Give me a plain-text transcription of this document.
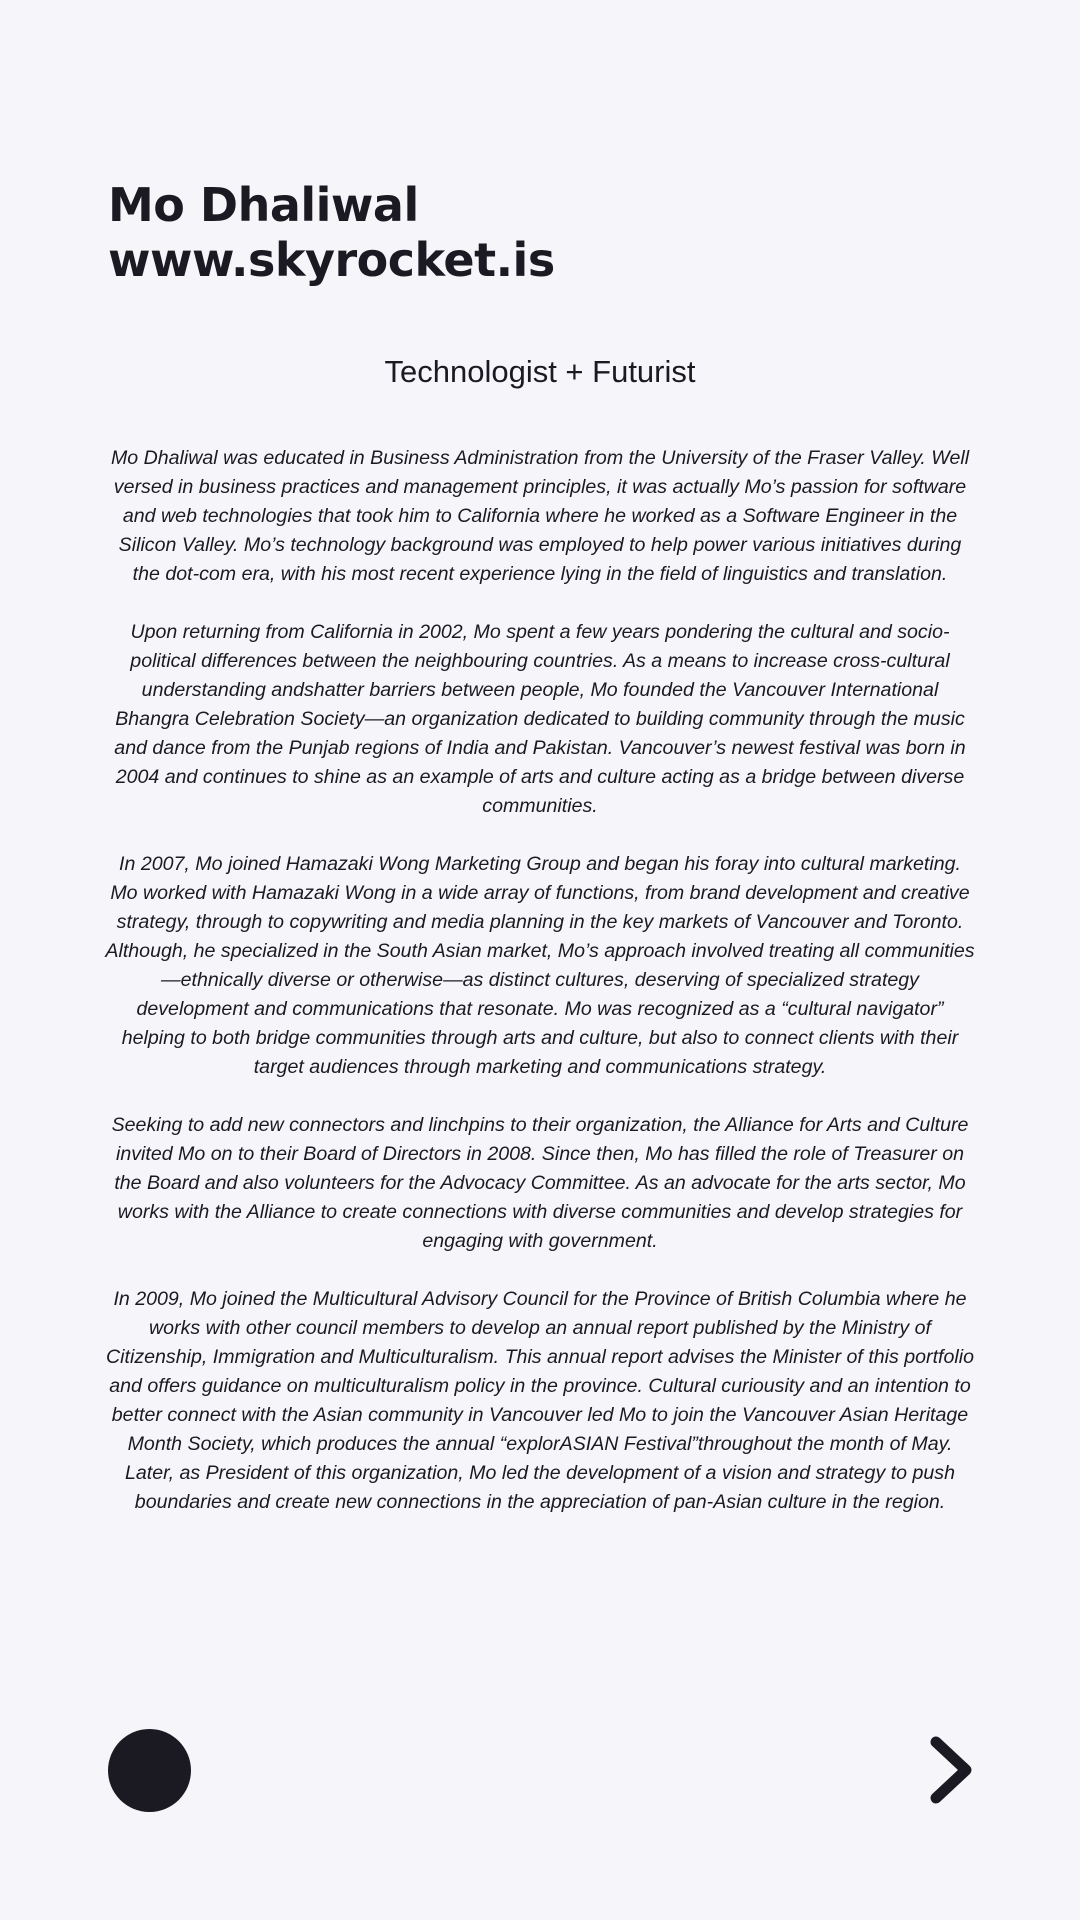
Mo Dhaliwal
www.skyrocket.is
Technologist + Futurist

Mo Dhaliwal was educated in Business Administration from the University of the Fraser Valley. Well versed in business practices and management principles, it was actually Mo’s passion for software and web technologies that took him to California where he worked as a Software Engineer in the Silicon Valley. Mo’s technology background was employed to help power various initiatives during the dot-com era, with his most recent experience lying in the field of linguistics and translation.

Upon returning from California in 2002, Mo spent a few years pondering the cultural and socio-political differences between the neighbouring countries. As a means to increase cross-cultural understanding andshatter barriers between people, Mo founded the Vancouver International Bhangra Celebration Society—an organization dedicated to building community through the music and dance from the Punjab regions of India and Pakistan. Vancouver’s newest festival was born in 2004 and continues to shine as an example of arts and culture acting as a bridge between diverse communities.

In 2007, Mo joined Hamazaki Wong Marketing Group and began his foray into cultural marketing. Mo worked with Hamazaki Wong in a wide array of functions, from brand development and creative strategy, through to copywriting and media planning in the key markets of Vancouver and Toronto. Although, he specialized in the South Asian market, Mo’s approach involved treating all communities—ethnically diverse or otherwise—as distinct cultures, deserving of specialized strategy development and communications that resonate. Mo was recognized as a “cultural navigator” helping to both bridge communities through arts and culture, but also to connect clients with their target audiences through marketing and communications strategy.

Seeking to add new connectors and linchpins to their organization, the Alliance for Arts and Culture invited Mo on to their Board of Directors in 2008. Since then, Mo has filled the role of Treasurer on the Board and also volunteers for the Advocacy Committee. As an advocate for the arts sector, Mo works with the Alliance to create connections with diverse communities and develop strategies for engaging with government.

In 2009, Mo joined the Multicultural Advisory Council for the Province of British Columbia where he works with other council members to develop an annual report published by the Ministry of Citizenship, Immigration and Multiculturalism. This annual report advises the Minister of this portfolio and offers guidance on multiculturalism policy in the province. Cultural curiousity and an intention to better connect with the Asian community in Vancouver led Mo to join the Vancouver Asian Heritage Month Society, which produces the annual “explorASIAN Festival”throughout the month of May. Later, as President of this organization, Mo led the development of a vision and strategy to push boundaries and create new connections in the appreciation of pan-Asian culture in the region.
